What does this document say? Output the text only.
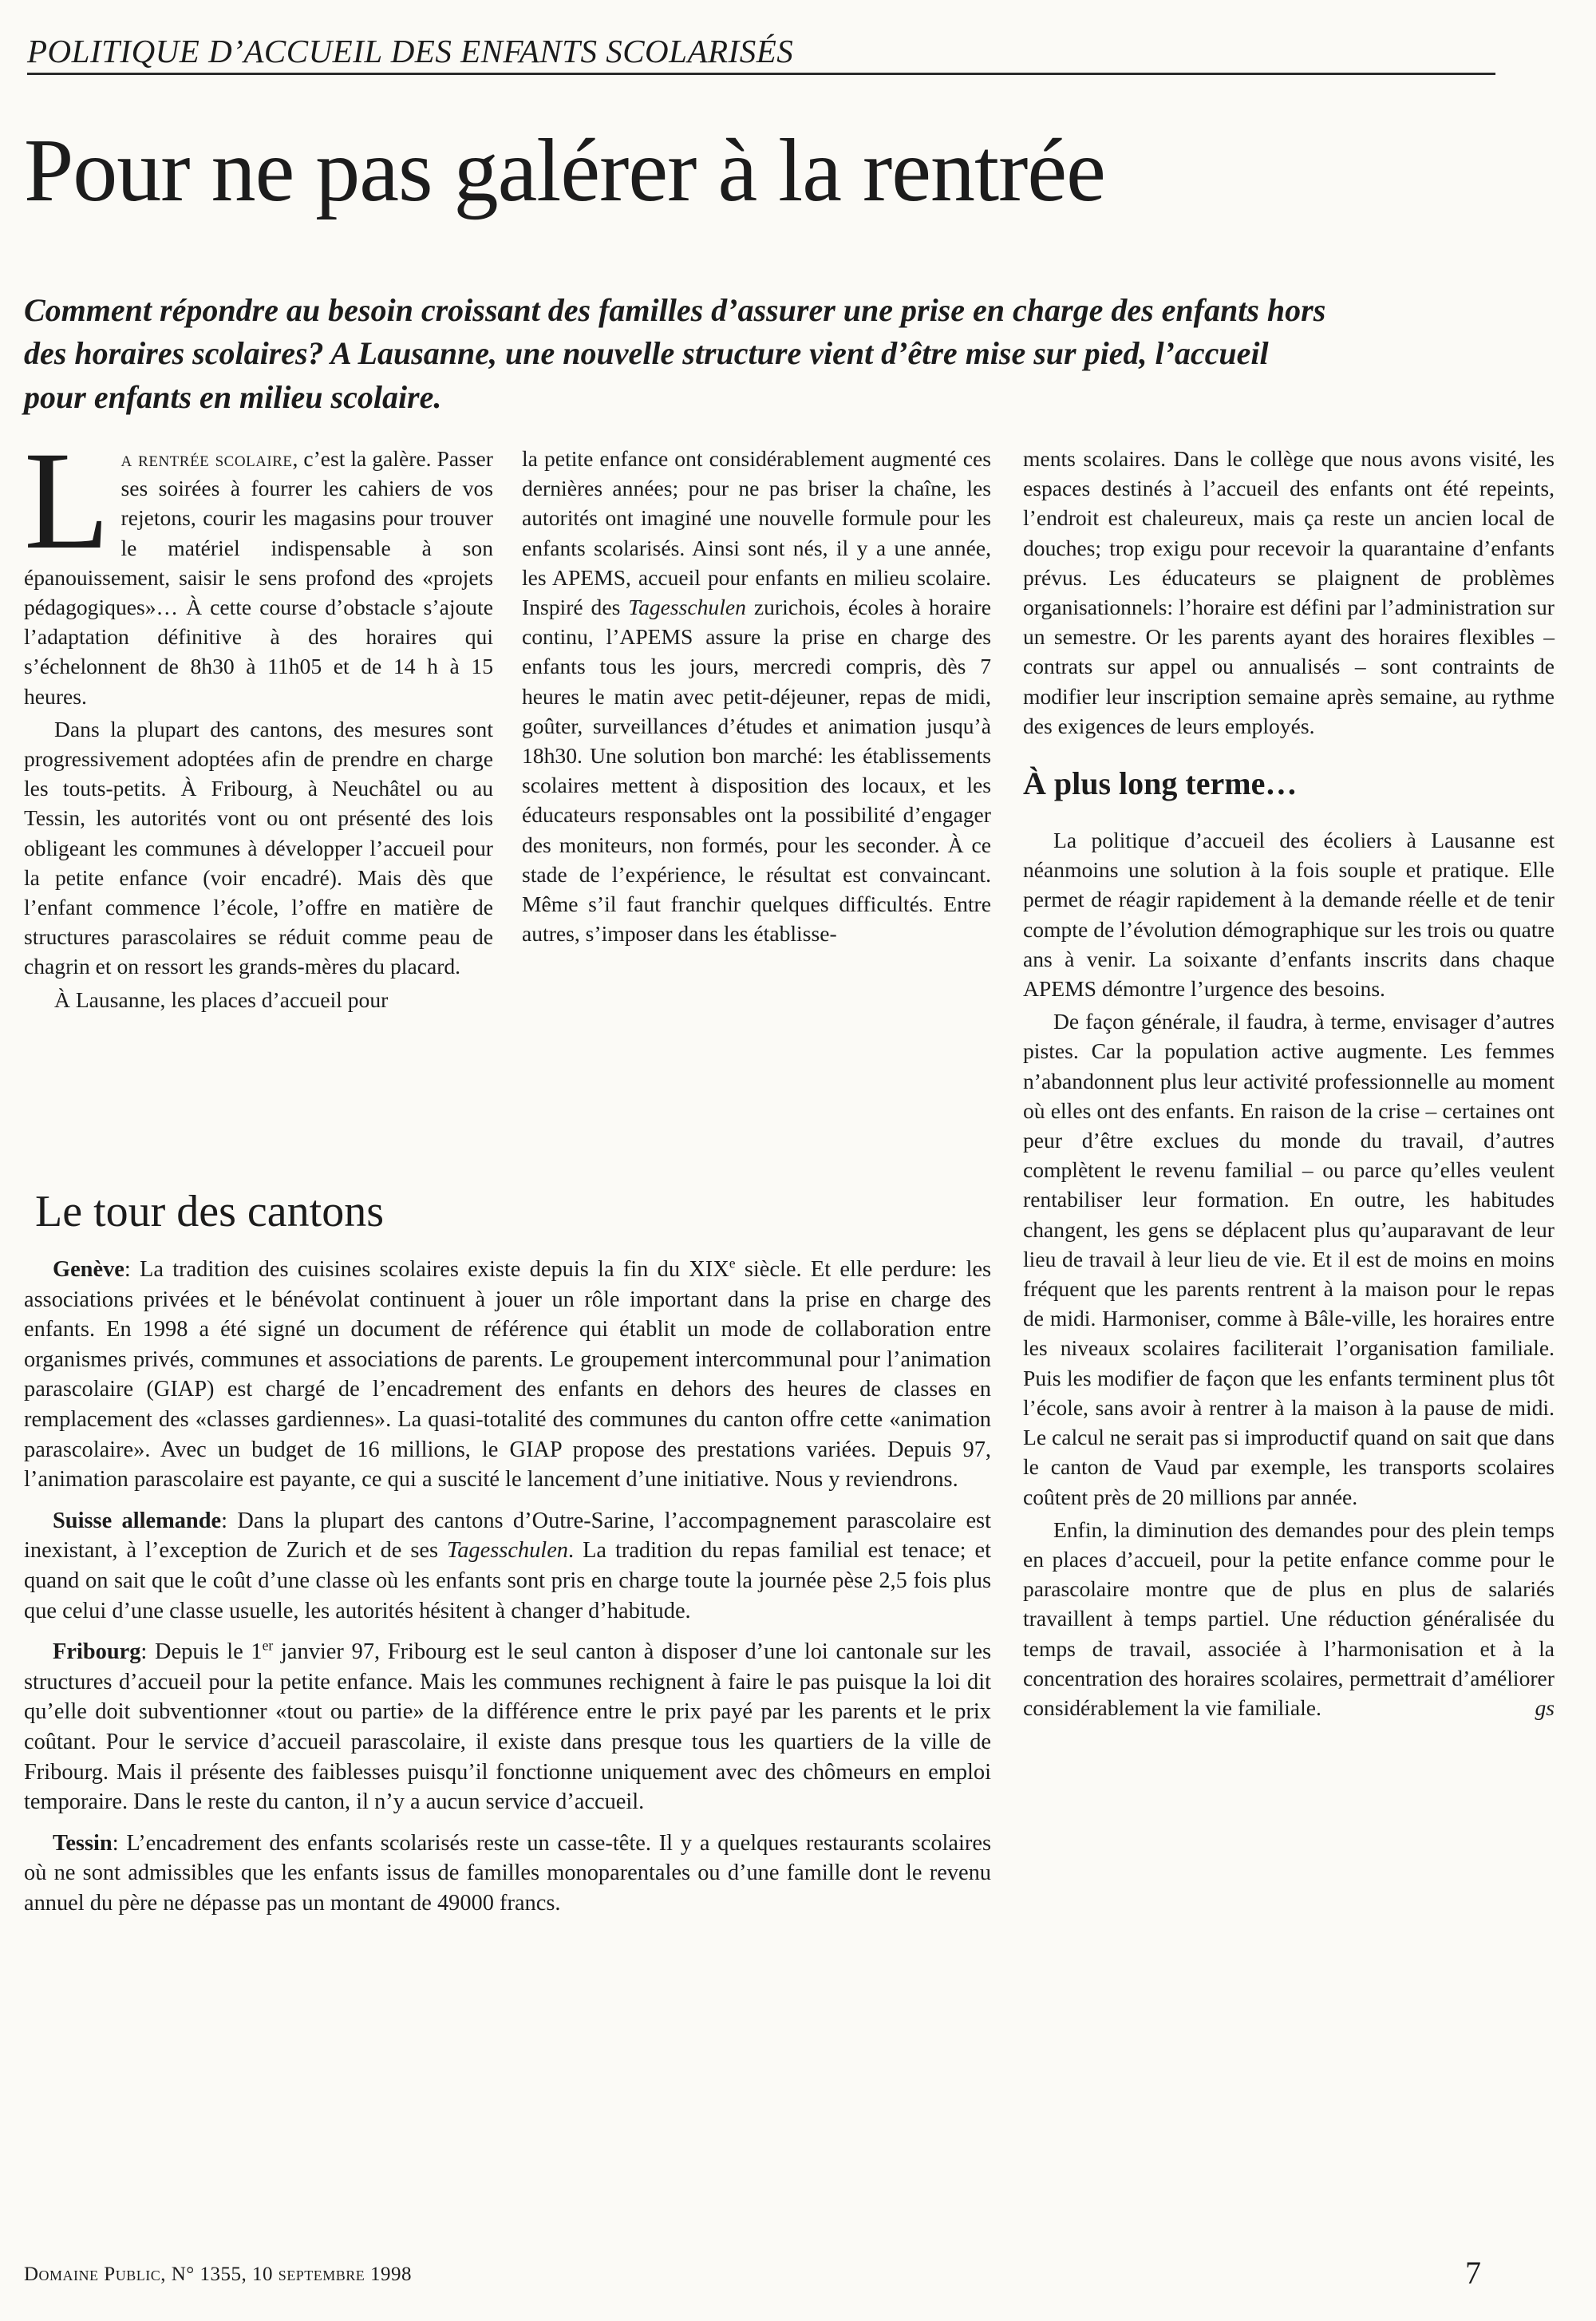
POLITIQUE D’ACCUEIL DES ENFANTS SCOLARISÉS
Pour ne pas galérer à la rentrée

Comment répondre au besoin croissant des familles d’assurer une prise en charge des enfants hors des horaires scolaires? A Lausanne, une nouvelle structure vient d’être mise sur pied, l’accueil pour enfants en milieu scolaire.

La rentrée scolaire, c’est la galère. Passer ses soirées à fourrer les cahiers de vos rejetons, courir les magasins pour trouver le matériel indispensable à son épanouissement, saisir le sens profond des «projets pédagogiques»… À cette course d’obstacle s’ajoute l’adaptation définitive à des horaires qui s’échelonnent de 8h30 à 11h05 et de 14 h à 15 heures.

Dans la plupart des cantons, des mesures sont progressivement adoptées afin de prendre en charge les touts-petits. À Fribourg, à Neuchâtel ou au Tessin, les autorités vont ou ont présenté des lois obligeant les communes à développer l’accueil pour la petite enfance (voir encadré). Mais dès que l’enfant commence l’école, l’offre en matière de structures parascolaires se réduit comme peau de chagrin et on ressort les grands-mères du placard.

À Lausanne, les places d’accueil pour

la petite enfance ont considérablement augmenté ces dernières années; pour ne pas briser la chaîne, les autorités ont imaginé une nouvelle formule pour les enfants scolarisés. Ainsi sont nés, il y a une année, les APEMS, accueil pour enfants en milieu scolaire. Inspiré des Tagesschulen zurichois, écoles à horaire continu, l’APEMS assure la prise en charge des enfants tous les jours, mercredi compris, dès 7 heures le matin avec petit-déjeuner, repas de midi, goûter, surveillances d’études et animation jusqu’à 18h30. Une solution bon marché: les établissements scolaires mettent à disposition des locaux, et les éducateurs responsables ont la possibilité d’engager des moniteurs, non formés, pour les seconder. À ce stade de l’expérience, le résultat est convaincant. Même s’il faut franchir quelques difficultés. Entre autres, s’imposer dans les établisse-

ments scolaires. Dans le collège que nous avons visité, les espaces destinés à l’accueil des enfants ont été repeints, l’endroit est chaleureux, mais ça reste un ancien local de douches; trop exigu pour recevoir la quarantaine d’enfants prévus. Les éducateurs se plaignent de problèmes organisationnels: l’horaire est défini par l’administration sur un semestre. Or les parents ayant des horaires flexibles – contrats sur appel ou annualisés – sont contraints de modifier leur inscription semaine après semaine, au rythme des exigences de leurs employés.

À plus long terme…

La politique d’accueil des écoliers à Lausanne est néanmoins une solution à la fois souple et pratique. Elle permet de réagir rapidement à la demande réelle et de tenir compte de l’évolution démographique sur les trois ou quatre ans à venir. La soixante d’enfants inscrits dans chaque APEMS démontre l’urgence des besoins.

De façon générale, il faudra, à terme, envisager d’autres pistes. Car la population active augmente. Les femmes n’abandonnent plus leur activité professionnelle au moment où elles ont des enfants. En raison de la crise – certaines ont peur d’être exclues du monde du travail, d’autres complètent le revenu familial – ou parce qu’elles veulent rentabiliser leur formation. En outre, les habitudes changent, les gens se déplacent plus qu’auparavant de leur lieu de travail à leur lieu de vie. Et il est de moins en moins fréquent que les parents rentrent à la maison pour le repas de midi. Harmoniser, comme à Bâle-ville, les horaires entre les niveaux scolaires faciliterait l’organisation familiale. Puis les modifier de façon que les enfants terminent plus tôt l’école, sans avoir à rentrer à la maison à la pause de midi. Le calcul ne serait pas si improductif quand on sait que dans le canton de Vaud par exemple, les transports scolaires coûtent près de 20 millions par année.

Enfin, la diminution des demandes pour des plein temps en places d’accueil, pour la petite enfance comme pour le parascolaire montre que de plus en plus de salariés travaillent à temps partiel. Une réduction généralisée du temps de travail, associée à l’harmonisation et à la concentration des horaires scolaires, permettrait d’améliorer considérablement la vie familiale.	gs

Le tour des cantons

Genève: La tradition des cuisines scolaires existe depuis la fin du XIXe siècle. Et elle perdure: les associations privées et le bénévolat continuent à jouer un rôle important dans la prise en charge des enfants. En 1998 a été signé un document de référence qui établit un mode de collaboration entre organismes privés, communes et associations de parents. Le groupement intercommunal pour l’animation parascolaire (GIAP) est chargé de l’encadrement des enfants en dehors des heures de classes en remplacement des «classes gardiennes». La quasi-totalité des communes du canton offre cette «animation parascolaire». Avec un budget de 16 millions, le GIAP propose des prestations variées. Depuis 97, l’animation parascolaire est payante, ce qui a suscité le lancement d’une initiative. Nous y reviendrons.

Suisse allemande: Dans la plupart des cantons d’Outre-Sarine, l’accompagnement parascolaire est inexistant, à l’exception de Zurich et de ses Tagesschulen. La tradition du repas familial est tenace; et quand on sait que le coût d’une classe où les enfants sont pris en charge toute la journée pèse 2,5 fois plus que celui d’une classe usuelle, les autorités hésitent à changer d’habitude.

Fribourg: Depuis le 1er janvier 97, Fribourg est le seul canton à disposer d’une loi cantonale sur les structures d’accueil pour la petite enfance. Mais les communes rechignent à faire le pas puisque la loi dit qu’elle doit subventionner «tout ou partie» de la différence entre le prix payé par les parents et le prix coûtant. Pour le service d’accueil parascolaire, il existe dans presque tous les quartiers de la ville de Fribourg. Mais il présente des faiblesses puisqu’il fonctionne uniquement avec des chômeurs en emploi temporaire. Dans le reste du canton, il n’y a aucun service d’accueil.

Tessin: L’encadrement des enfants scolarisés reste un casse-tête. Il y a quelques restaurants scolaires où ne sont admissibles que les enfants issus de familles monoparentales ou d’une famille dont le revenu annuel du père ne dépasse pas un montant de 49000 francs.

Domaine Public, N° 1355, 10 septembre 1998	7
